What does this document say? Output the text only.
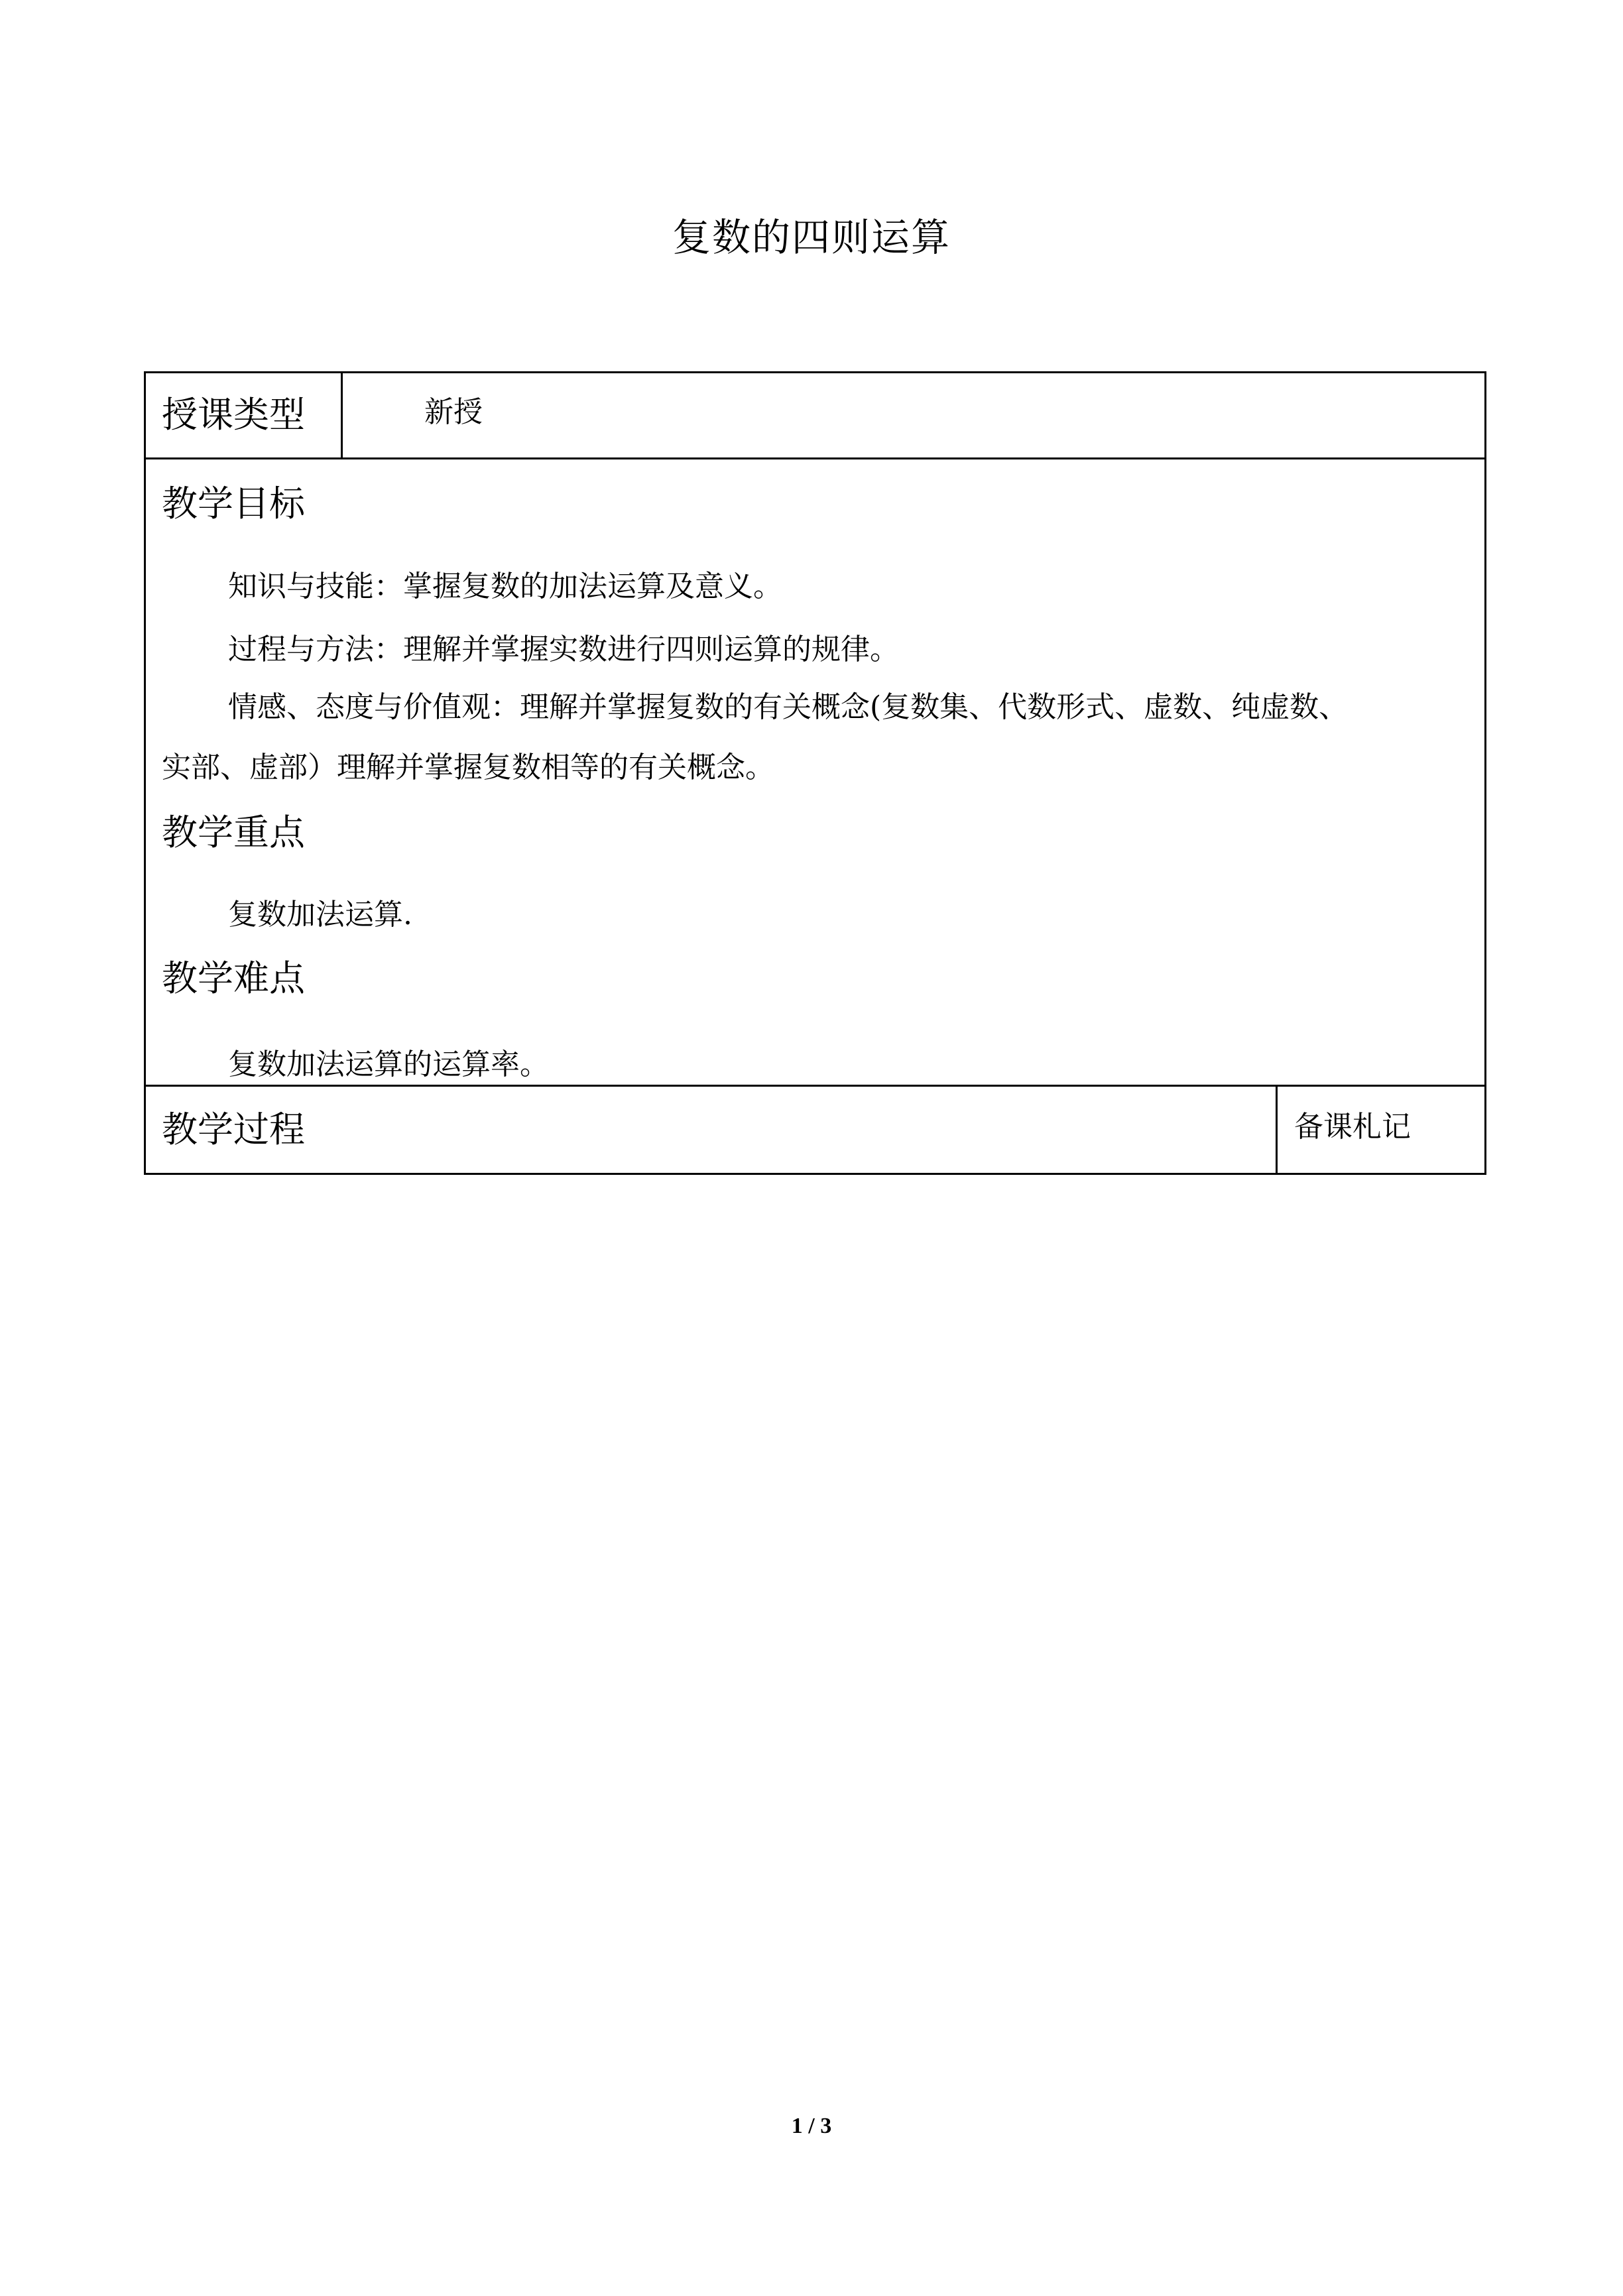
复数的四则运算
授课类型	新授
教学目标
知识与技能：掌握复数的加法运算及意义。
过程与方法：理解并掌握实数进行四则运算的规律。
情感、态度与价值观：理解并掌握复数的有关概念(复数集、代数形式、虚数、纯虚数、
实部、虚部）理解并掌握复数相等的有关概念。
教学重点
复数加法运算.
教学难点
复数加法运算的运算率。
教学过程	备课札记
1 / 3
